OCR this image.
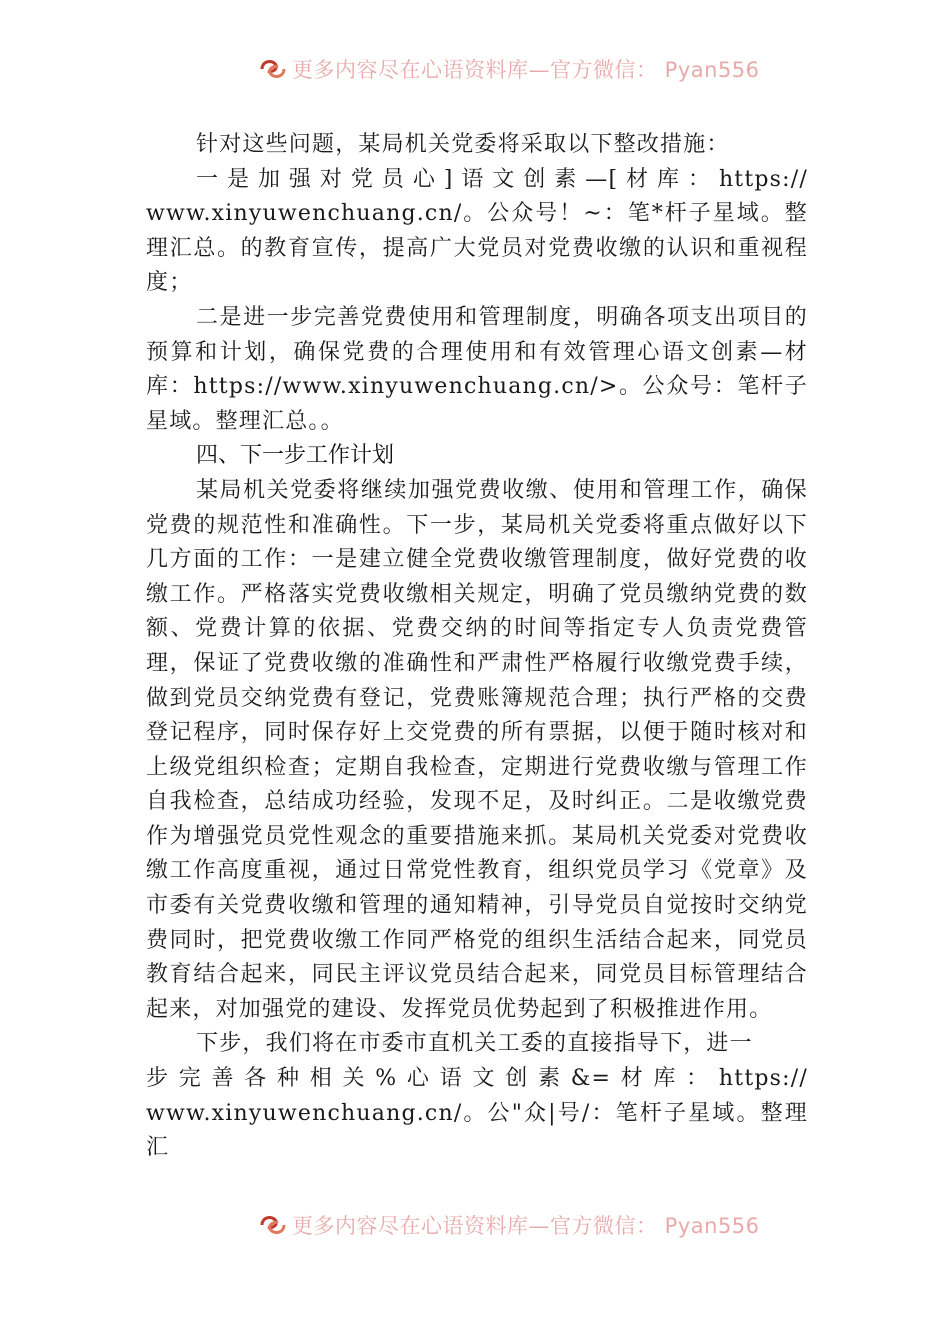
更多内容尽在心语资料库—官方微信： Pyan556

针对这些问题，某局机关党委将采取以下整改措施：

一是加强对党员心]语文创素—[材库：https://

www.xinyuwenchuang.cn/。公众号！~：笔*杆子星域。整理汇总。的教育宣传，提高广大党员对党费收缴的认识和重视程度；

二是进一步完善党费使用和管理制度，明确各项支出项目的预算和计划，确保党费的合理使用和有效管理心语文创素—材库：https://www.xinyuwenchuang.cn/>。公众号：笔杆子星域。整理汇总。。

四、下一步工作计划

某局机关党委将继续加强党费收缴、使用和管理工作，确保党费的规范性和准确性。下一步，某局机关党委将重点做好以下几方面的工作：一是建立健全党费收缴管理制度，做好党费的收缴工作。严格落实党费收缴相关规定，明确了党员缴纳党费的数额、党费计算的依据、党费交纳的时间等指定专人负责党费管理，保证了党费收缴的准确性和严肃性严格履行收缴党费手续，做到党员交纳党费有登记，党费账簿规范合理；执行严格的交费登记程序，同时保存好上交党费的所有票据，以便于随时核对和上级党组织检查；定期自我检查，定期进行党费收缴与管理工作自我检查，总结成功经验，发现不足，及时纠正。二是收缴党费作为增强党员党性观念的重要措施来抓。某局机关党委对党费收缴工作高度重视，通过日常党性教育，组织党员学习《党章》及市委有关党费收缴和管理的通知精神，引导党员自觉按时交纳党费同时，把党费收缴工作同严格党的组织生活结合起来，同党员教育结合起来，同民主评议党员结合起来，同党员目标管理结合起来，对加强党的建设、发挥党员优势起到了积极推进作用。

下步，我们将在市委市直机关工委的直接指导下，进一

步完善各种相关%心语文创素&=材库：https://

www.xinyuwenchuang.cn/。公"众|号/：笔杆子星域。整理汇

更多内容尽在心语资料库—官方微信： Pyan556
